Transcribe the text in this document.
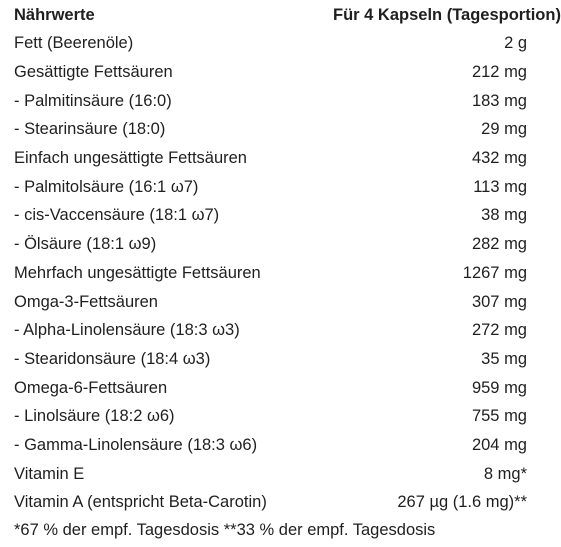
Nährwerte	Für 4 Kapseln (Tagesportion)
Fett (Beerenöle)	2 g
Gesättigte Fettsäuren	212 mg
- Palmitinsäure (16:0)	183 mg
- Stearinsäure (18:0)	29 mg
Einfach ungesättigte Fettsäuren	432 mg
- Palmitolsäure (16:1 ω7)	113 mg
- cis-Vaccensäure (18:1 ω7)	38 mg
- Ölsäure (18:1 ω9)	282 mg
Mehrfach ungesättigte Fettsäuren	1267 mg
Omga-3-Fettsäuren	307 mg
- Alpha-Linolensäure (18:3 ω3)	272 mg
- Stearidonsäure (18:4 ω3)	35 mg
Omega-6-Fettsäuren	959 mg
- Linolsäure (18:2 ω6)	755 mg
- Gamma-Linolensäure (18:3 ω6)	204 mg
Vitamin E	8 mg*
Vitamin A (entspricht Beta-Carotin)	267 µg (1.6 mg)**
*67 % der empf. Tagesdosis **33 % der empf. Tagesdosis
